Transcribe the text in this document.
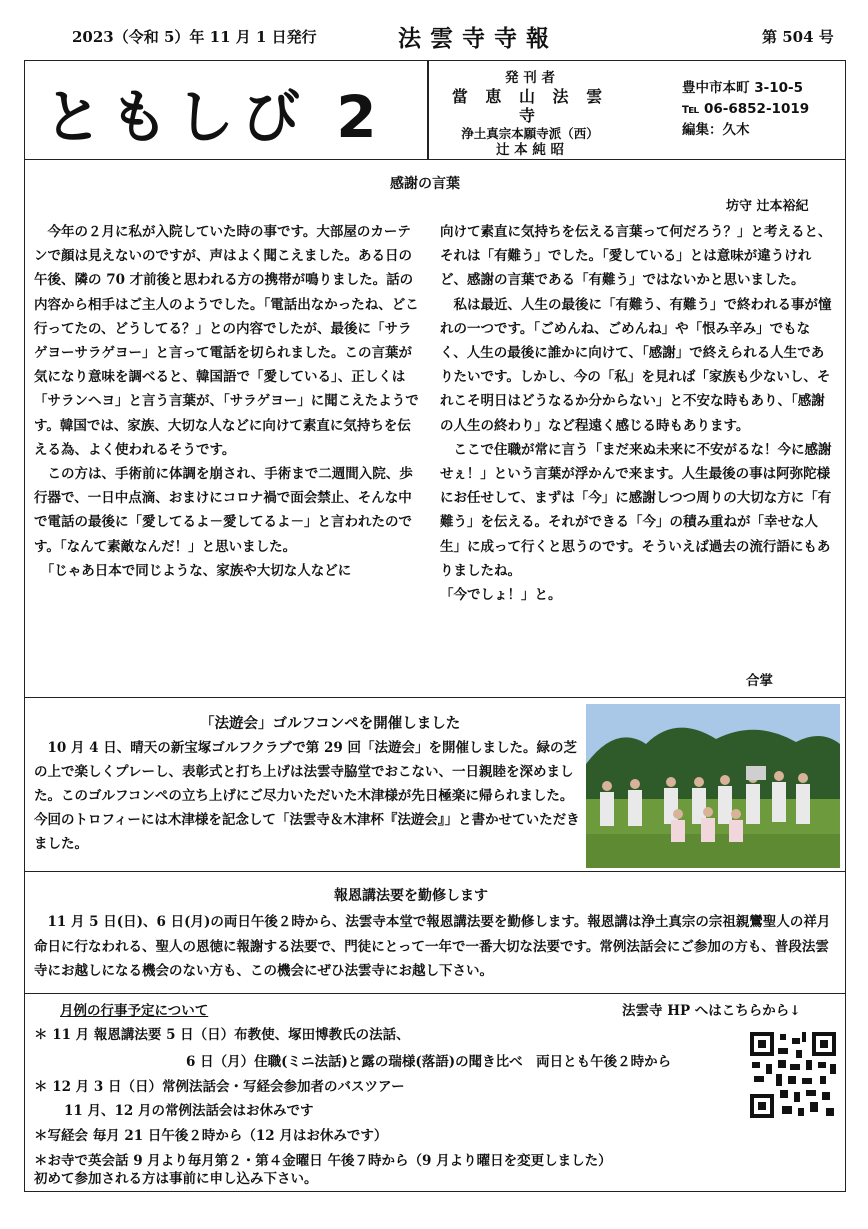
2023（令和 5）年 11 月 1 日発行	法雲寺寺報	第 504 号
ともしび 2
発 刊 者
當 恵 山 法 雲 寺
浄土真宗本願寺派（西）
辻 本 純 昭
豊中市本町 3-10-5
℡ 06-6852-1019
編集：久木
感謝の言葉
坊守 辻本裕紀

　今年の２月に私が入院していた時の事です。大部屋のカーテンで顔は見えないのですが、声はよく聞こえました。ある日の午後、隣の 70 才前後と思われる方の携帯が鳴りました。話の内容から相手はご主人のようでした。「電話出なかったね、どこ行ってたの、どうしてる？」との内容でしたが、最後に「サラゲヨーサラゲヨー」と言って電話を切られました。この言葉が気になり意味を調べると、韓国語で「愛している」、正しくは「サランヘヨ」と言う言葉が、「サラゲヨー」に聞こえたようです。韓国では、家族、大切な人などに向けて素直に気持ちを伝える為、よく使われるそうです。

　この方は、手術前に体調を崩され、手術まで二週間入院、歩行器で、一日中点滴、おまけにコロナ禍で面会禁止、そんな中で電話の最後に「愛してるよ－愛してるよ－」と言われたのです。「なんて素敵なんだ！」と思いました。

　「じゃあ日本で同じような、家族や大切な人などに

向けて素直に気持ちを伝える言葉って何だろう？」と考えると、それは「有難う」でした。「愛している」とは意味が違うけれど、感謝の言葉である「有難う」ではないかと思いました。

　私は最近、人生の最後に「有難う、有難う」で終われる事が憧れの一つです。「ごめんね、ごめんね」や「恨み辛み」でもなく、人生の最後に誰かに向けて、「感謝」で終えられる人生でありたいです。しかし、今の「私」を見れば「家族も少ないし、それこそ明日はどうなるか分からない」と不安な時もあり、「感謝の人生の終わり」など程遠く感じる時もあります。

　ここで住職が常に言う「まだ来ぬ未来に不安がるな！今に感謝せぇ！」という言葉が浮かんで来ます。人生最後の事は阿弥陀様にお任せして、まずは「今」に感謝しつつ周りの大切な方に「有難う」を伝える。それができる「今」の積み重ねが「幸せな人生」に成って行くと思うのです。そういえば過去の流行語にもありましたね。

「今でしょ！」と。

合掌
「法遊会」ゴルフコンペを開催しました
　10 月 4 日、晴天の新宝塚ゴルフクラブで第 29 回「法遊会」を開催しました。緑の芝の上で楽しくプレーし、表彰式と打ち上げは法雲寺脇堂でおこない、一日親睦を深めました。このゴルフコンペの立ち上げにご尽力いただいた木津様が先日極楽に帰られました。今回のトロフィーには木津様を記念して「法雲寺＆木津杯『法遊会』」と書かせていただきました。
報恩講法要を勤修します
　11 月 5 日(日)、6 日(月)の両日午後２時から、法雲寺本堂で報恩講法要を勤修します。報恩講は浄土真宗の宗祖親鸞聖人の祥月命日に行なわれる、聖人の恩徳に報謝する法要で、門徒にとって一年で一番大切な法要です。常例法話会にご参加の方も、普段法雲寺にお越しになる機会のない方も、この機会にぜひ法雲寺にお越し下さい。
月例の行事予定について	法雲寺 HP へはこちらから↓
＊ 11 月 報恩講法要 5 日（日）布教使、塚田博教氏の法話、
6 日（月）住職(ミニ法話)と露の瑞様(落語)の聞き比べ　両日とも午後２時から
＊ 12 月 3 日（日）常例法話会・写経会参加者のバスツアー
11 月、12 月の常例法話会はお休みです
＊写経会 毎月 21 日午後２時から（12 月はお休みです）
＊お寺で英会話 9 月より毎月第２・第４金曜日 午後７時から（9 月より曜日を変更しました）
初めて参加される方は事前に申し込み下さい。
